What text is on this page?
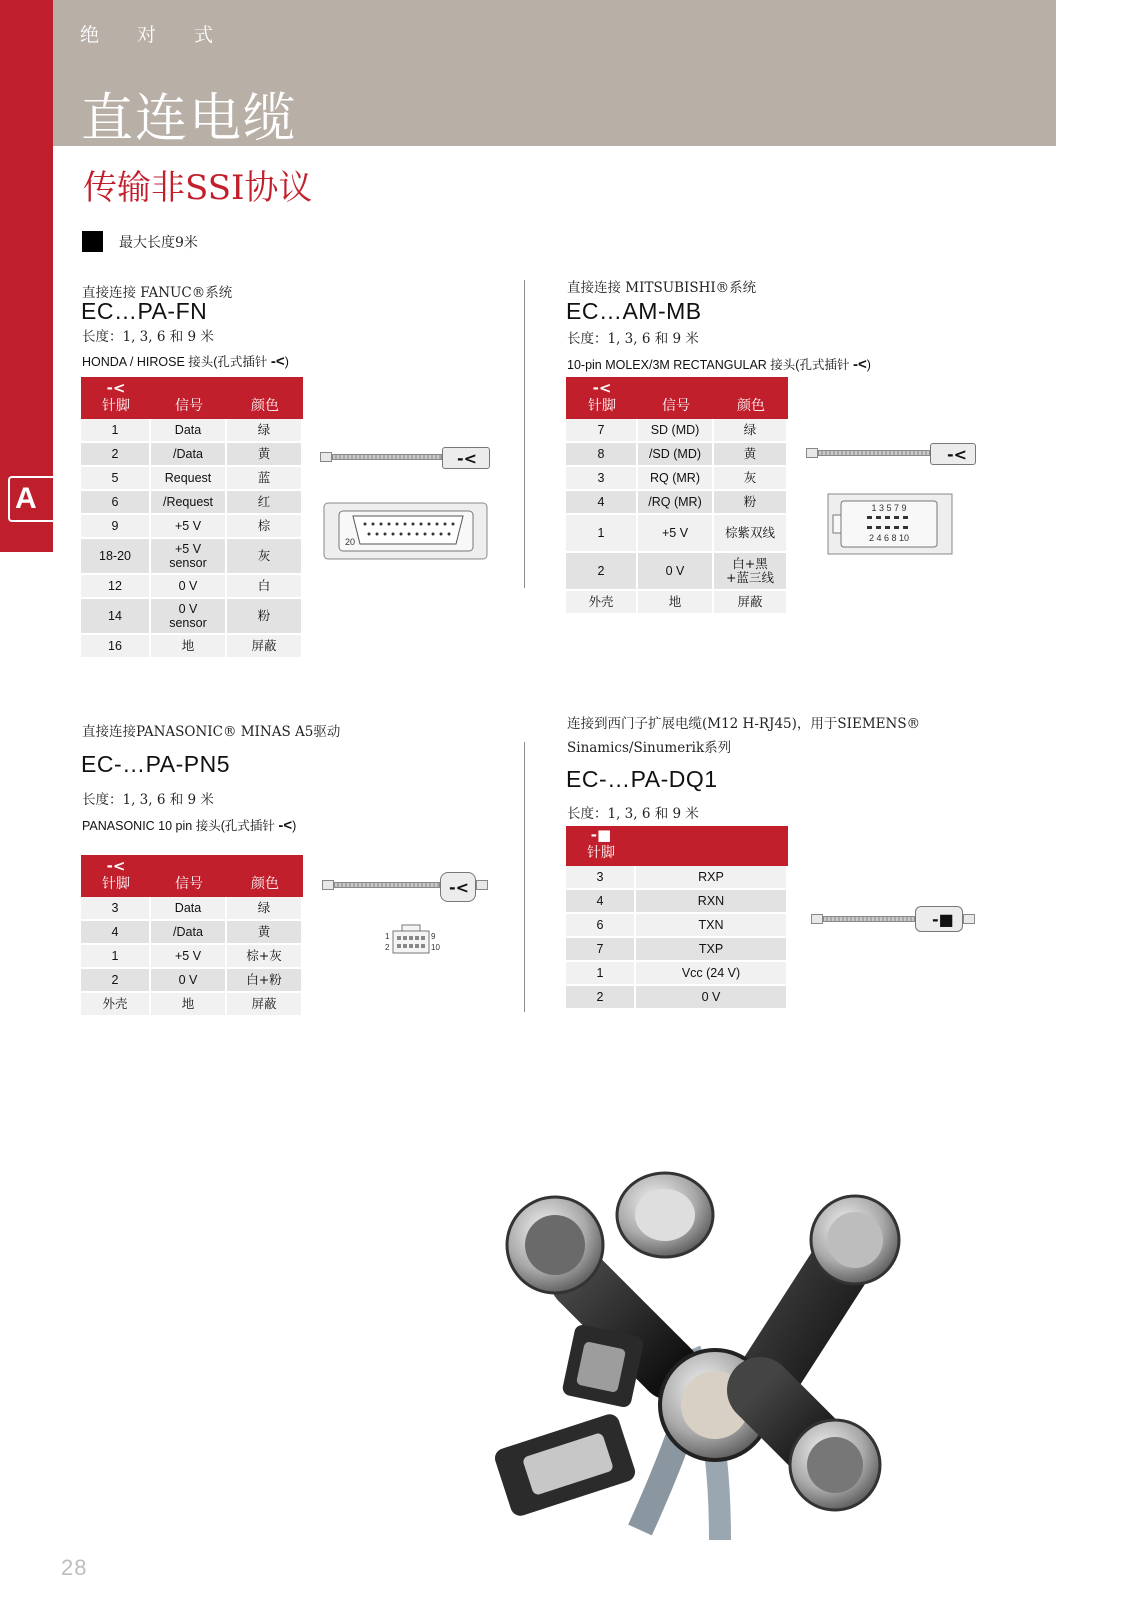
A
绝 对 式
直连电缆
传输非SSI协议
最大长度9米
直接连接 FANUC®系统
EC…PA-FN
长度：1, 3, 6 和 9 米
HONDA / HIROSE 接头(孔式插针 -<)
-<
针脚	信号	颜色
1	Data	绿
2	/Data	黄
5	Request	蓝
6	/Request	红
9	+5 V	棕
18-20	+5 V sensor	灰
12	0 V	白
14	0 V sensor	粉
16	地	屏蔽
-<
20
直接连接 MITSUBISHI®系统
EC…AM-MB
长度：1, 3, 6 和 9 米
10-pin MOLEX/3M RECTANGULAR 接头(孔式插针 -<)
-<
针脚	信号	颜色
7	SD (MD)	绿
8	/SD (MD)	黄
3	RQ (MR)	灰
4	/RQ (MR)	粉
1	+5 V	棕紫双线
2	0 V	白+黑+蓝三线
外壳	地	屏蔽
-<
1 3 5 7 9
2 4 6 8 10
直接连接PANASONIC® MINAS A5驱动
EC-…PA-PN5
长度：1, 3, 6 和 9 米
PANASONIC 10 pin 接头(孔式插针 -<)
-<
针脚	信号	颜色
3	Data	绿
4	/Data	黄
1	+5 V	棕+灰
2	0 V	白+粉
外壳	地	屏蔽
-<
1
2
9
10
连接到西门子扩展电缆(M12 H-RJ45)，用于SIEMENS®
Sinamics/Sinumerik系列
EC-…PA-DQ1
长度：1, 3, 6 和 9 米
-■
针脚	
3	RXP
4	RXN
6	TXN
7	TXP
1	Vcc (24 V)
2	0 V
-■
28
